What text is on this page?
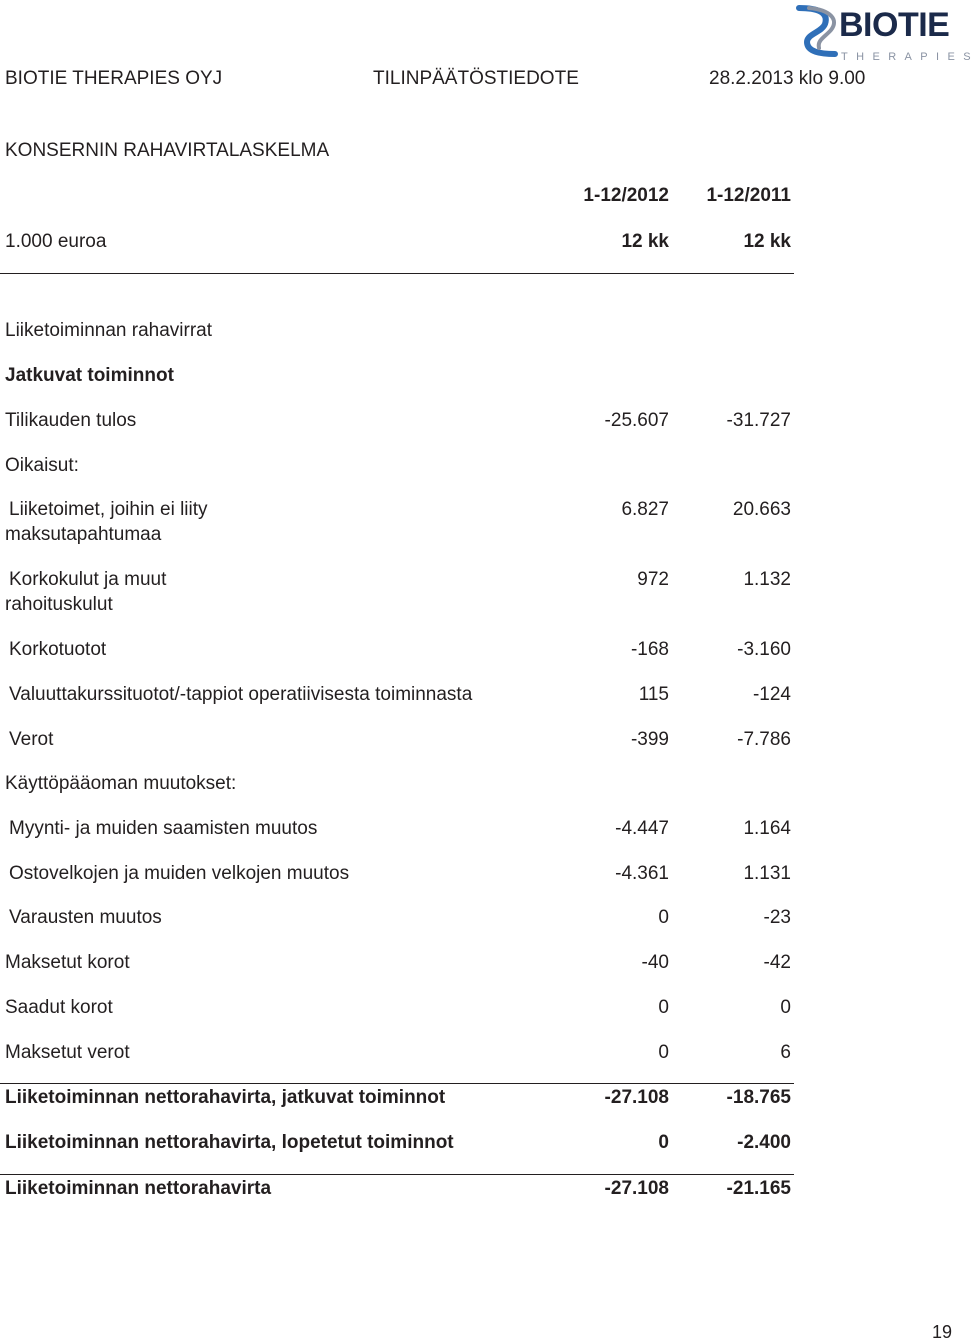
BIOTIE THERAPIES OYJ	TILINPÄÄTÖSTIEDOTE	28.2.2013 klo 9.00
BIOTIE
THERAPIES
KONSERNIN RAHAVIRTALASKELMA
1-12/2012 1-12/2011
1.000 euroa	12 kk	12 kk
Liiketoiminnan rahavirrat
Jatkuvat toiminnot
Tilikauden tulos	-25.607	-31.727
Oikaisut:
Liiketoimet, joihin ei liity
maksutapahtumaa
6.827	20.663
Korkokulut ja muut
rahoituskulut
972	1.132
Korkotuotot	-168	-3.160
Valuuttakurssituotot/-tappiot operatiivisesta toiminnasta	115	-124
Verot	-399	-7.786
Käyttöpääoman muutokset:
Myynti- ja muiden saamisten muutos	-4.447	1.164
Ostovelkojen ja muiden velkojen muutos	-4.361	1.131
Varausten muutos	0	-23
Maksetut korot	-40	-42
Saadut korot	0	0
Maksetut verot	0	6
Liiketoiminnan nettorahavirta, jatkuvat toiminnot	-27.108	-18.765
Liiketoiminnan nettorahavirta, lopetetut toiminnot	0	-2.400
Liiketoiminnan nettorahavirta	-27.108	-21.165
19
